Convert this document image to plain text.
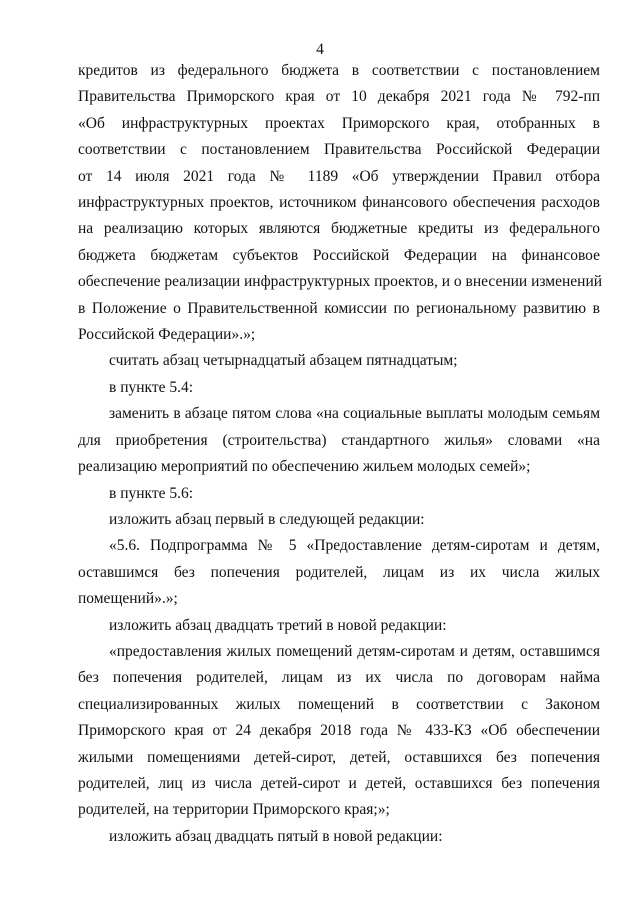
4

кредитов из федерального бюджета в соответствии с постановлением

Правительства Приморского края от 10 декабря 2021 года № 792-пп

«Об инфраструктурных проектах Приморского края, отобранных в

соответствии с постановлением Правительства Российской Федерации

от 14 июля 2021 года № 1189 «Об утверждении Правил отбора

инфраструктурных проектов, источником финансового обеспечения расходов

на реализацию которых являются бюджетные кредиты из федерального

бюджета бюджетам субъектов Российской Федерации на финансовое

обеспечение реализации инфраструктурных проектов, и о внесении изменений

в Положение о Правительственной комиссии по региональному развитию в

Российской Федерации».»;

считать абзац четырнадцатый абзацем пятнадцатым;

в пункте 5.4:

заменить в абзаце пятом слова «на социальные выплаты молодым семьям

для приобретения (строительства) стандартного жилья» словами «на

реализацию мероприятий по обеспечению жильем молодых семей»;

в пункте 5.6:

изложить абзац первый в следующей редакции:

«5.6. Подпрограмма № 5 «Предоставление детям-сиротам и детям,

оставшимся без попечения родителей, лицам из их числа жилых

помещений».»;

изложить абзац двадцать третий в новой редакции:

«предоставления жилых помещений детям-сиротам и детям, оставшимся

без попечения родителей, лицам из их числа по договорам найма

специализированных жилых помещений в соответствии с Законом

Приморского края от 24 декабря 2018 года № 433-КЗ «Об обеспечении

жилыми помещениями детей-сирот, детей, оставшихся без попечения

родителей, лиц из числа детей-сирот и детей, оставшихся без попечения

родителей, на территории Приморского края;»;

изложить абзац двадцать пятый в новой редакции:
